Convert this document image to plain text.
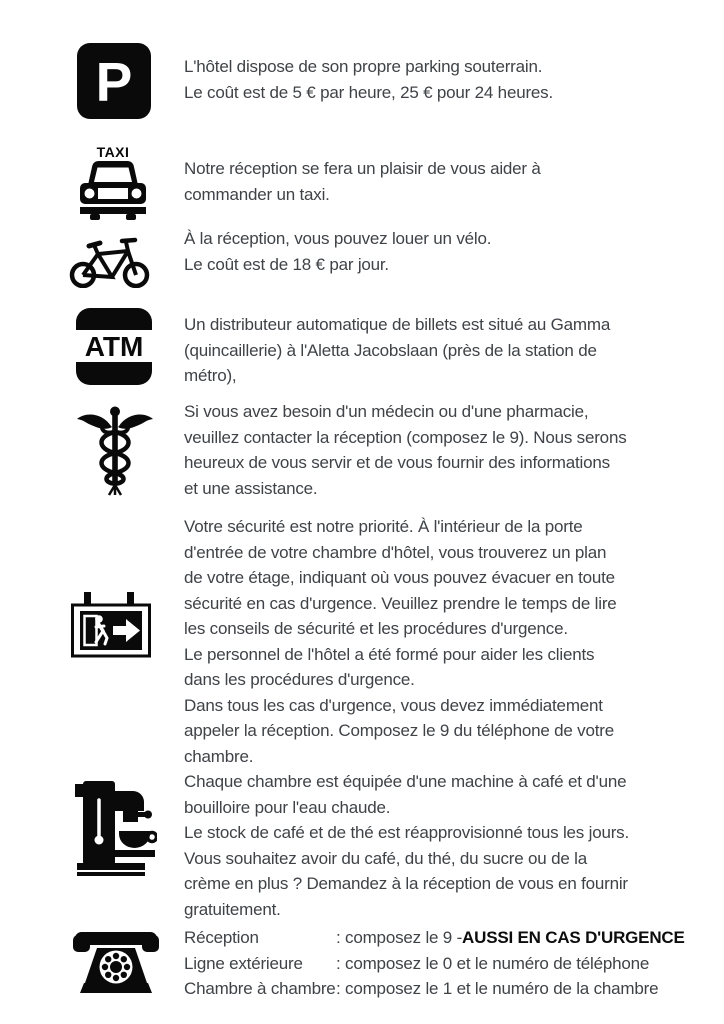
P	L'hôtel dispose de son propre parking souterrain.
Le coût est de 5 € par heure, 25 € pour 24 heures.
TAXI
Notre réception se fera un plaisir de vous aider à
commander un taxi.
À la réception, vous pouvez louer un vélo.
Le coût est de 18 € par jour.
ATM
Un distributeur automatique de billets est situé au Gamma
(quincaillerie) à l'Aletta Jacobslaan (près de la station de
métro),
Si vous avez besoin d'un médecin ou d'une pharmacie,
veuillez contacter la réception (composez le 9). Nous serons
heureux de vous servir et de vous fournir des informations
et une assistance.
Votre sécurité est notre priorité. À l'intérieur de la porte
d'entrée de votre chambre d'hôtel, vous trouverez un plan
de votre étage, indiquant où vous pouvez évacuer en toute
sécurité en cas d'urgence. Veuillez prendre le temps de lire
les conseils de sécurité et les procédures d'urgence.
Le personnel de l'hôtel a été formé pour aider les clients
dans les procédures d'urgence.
Dans tous les cas d'urgence, vous devez immédiatement
appeler la réception. Composez le 9 du téléphone de votre
chambre.
Chaque chambre est équipée d'une machine à café et d'une
bouilloire pour l'eau chaude.
Le stock de café et de thé est réapprovisionné tous les jours.
Vous souhaitez avoir du café, du thé, du sucre ou de la
crème en plus ? Demandez à la réception de vous en fournir
gratuitement.
Réception	: composez le 9 - AUSSI EN CAS D'URGENCE
Ligne extérieure	: composez le 0 et le numéro de téléphone
Chambre à chambre : composez le 1 et le numéro de la chambre
